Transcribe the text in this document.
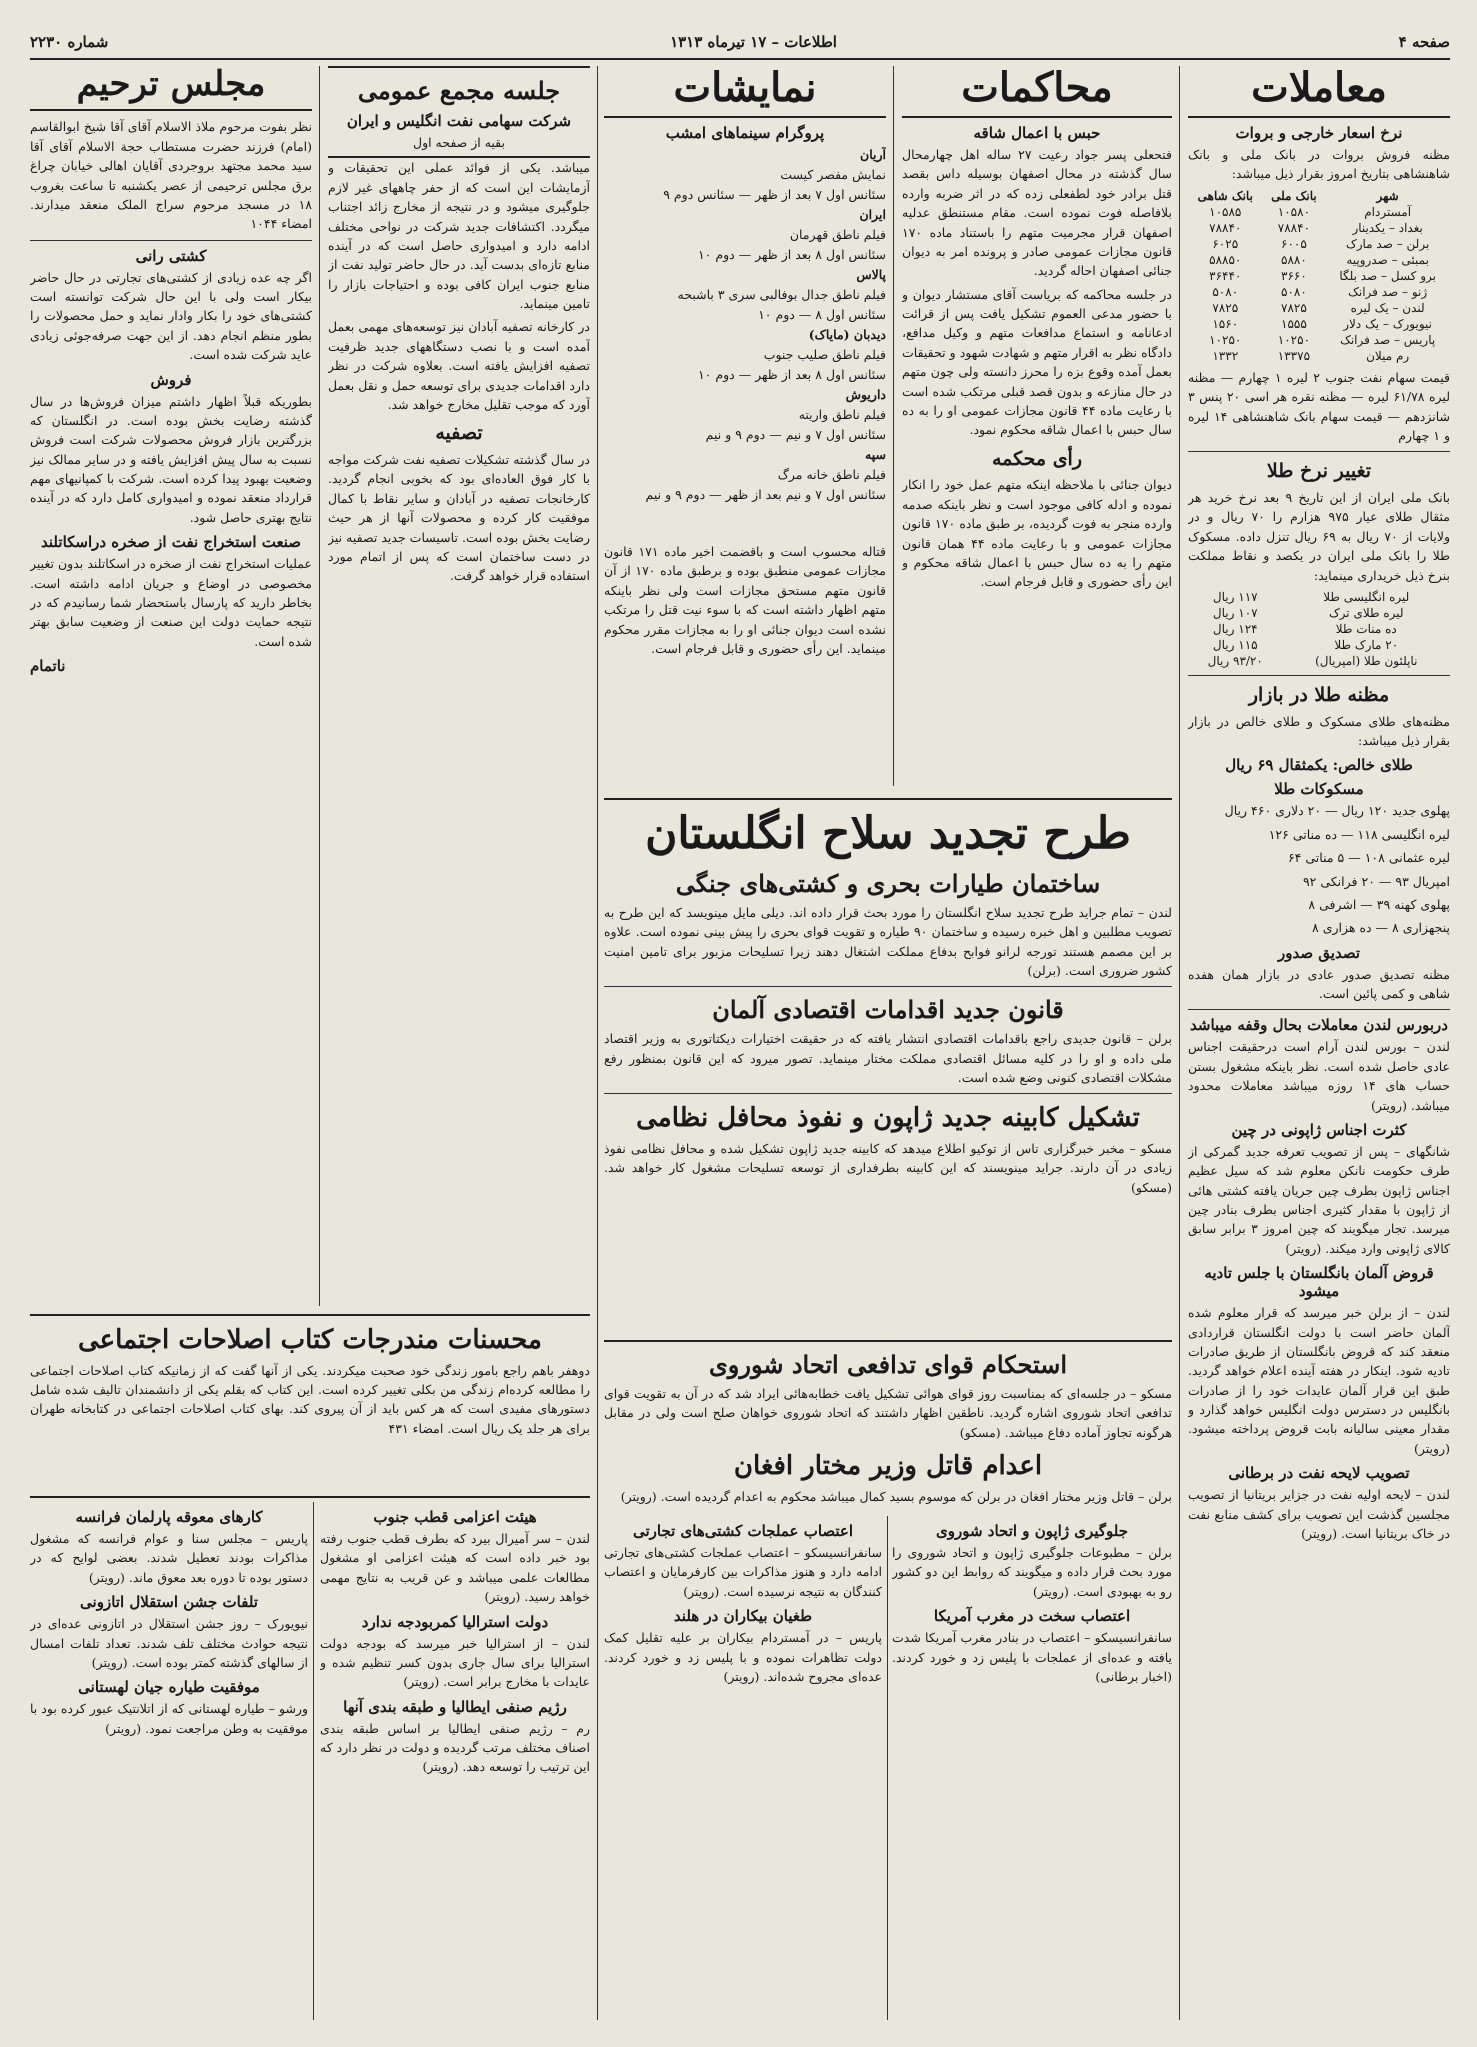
صفحه ۴
اطلاعات – ۱۷ تیرماه ۱۳۱۳
شماره ۲۲۳۰
معاملات
نرخ اسعار خارجی و بروات
مظنه فروش بروات در بانک ملی و بانک شاهنشاهی بتاریخ امروز بقرار ذیل میباشد:
شهر	بانک ملی	بانک شاهی
آمستردام	۱۰۵۸۰	۱۰۵۸۵
بغداد – یکدینار	۷۸۸۴۰	۷۸۸۴۰
برلن – صد مارک	۶۰۰۵	۶۰۲۵
بمبئی – صدروپیه	۵۸۸۰	۵۸۸۵۰
برو کسل – صد بلگا	۳۶۶۰	۳۶۴۴۰
ژنو – صد فرانک	۵۰۸۰	۵۰۸۰
لندن – یک لیره	۷۸۲۵	۷۸۲۵
نیویورک – یک دلار	۱۵۵۵	۱۵۶۰
پاریس – صد فرانک	۱۰۲۵۰	۱۰۲۵۰
رم میلان	۱۳۳۷۵	۱۳۳۲
قیمت سهام نفت جنوب ۲ لیره ۱ چهارم — مظنه لیره ۶۱/۷۸ لیره — مظنه نقره هر اسی ۲۰ پنس ۳ شانزدهم — قیمت سهام بانک شاهنشاهی ۱۴ لیره و ۱ چهارم
تغییر نرخ طلا
بانک ملی ایران از این تاریخ ۹ بعد نرخ خرید هر مثقال طلای عیار ۹۷۵ هزارم را ۷۰ ریال و در ولایات از ۷۰ ریال به ۶۹ ریال تنزل داده. مسکوک طلا را بانک ملی ایران در یکصد و نقاط مملکت بنرخ ذیل خریداری مینماید:
لیره انگلیسی طلا	۱۱۷ ریال
لیره طلای ترک	۱۰۷ ریال
ده منات طلا	۱۲۴ ریال
۲۰ مارک طلا	۱۱۵ ریال
ناپلئون طلا (امپریال)	۹۳/۲۰ ریال
مظنه طلا در بازار
مظنه‌های طلای مسکوک و طلای خالص در بازار بقرار ذیل میباشد:
طلای خالص: یکمثقال ۶۹ ریال
مسکوکات طلا
پهلوی جدید ۱۲۰ ریال — ۲۰ دلاری ۴۶۰ ریال
لیره انگلیسی ۱۱۸ — ده مناتی ۱۲۶
لیره عثمانی ۱۰۸ — ۵ مناتی ۶۴
امپریال ۹۳ — ۲۰ فرانکی ۹۲
پهلوی کهنه ۳۹ — اشرفی ۸
پنجهزاری ۸ — ده هزاری ۸
تصدیق صدور
مظنه تصدیق صدور عادی در بازار همان هفده شاهی و کمی پائین است.
دربورس لندن معاملات بحال وقفه میباشد
لندن – بورس لندن آرام است درحقیقت اجناس عادی حاصل شده است. نظر باینکه مشغول بستن حساب های ۱۴ روزه میباشد معاملات محدود میباشد. (رویتر)
کثرت اجناس ژاپونی در چین
شانگهای – پس از تصویب تعرفه جدید گمرکی از طرف حکومت نانکن معلوم شد که سیل عظیم اجناس ژاپون بطرف چین جریان یافته کشتی هائی از ژاپون با مقدار کثیری اجناس بطرف بنادر چین میرسد. تجار میگویند که چین امروز ۳ برابر سابق کالای ژاپونی وارد میکند. (رویتر)
قروض آلمان بانگلستان با جلس تادیه میشود
لندن – از برلن خبر میرسد که قرار معلوم شده آلمان حاضر است با دولت انگلستان قراردادی منعقد کند که قروض بانگلستان از طریق صادرات تادیه شود. اینکار در هفته آینده اعلام خواهد گردید. طبق این قرار آلمان عایدات خود را از صادرات بانگلیس در دسترس دولت انگلیس خواهد گذارد و مقدار معینی سالیانه بابت قروض پرداخته میشود. (رویتر)
تصویب لایحه نفت در برطانی
لندن – لایحه اولیه نفت در جزایر بریتانیا از تصویب مجلسین گذشت این تصویب برای کشف منابع نفت در خاک بریتانیا است. (رویتر)
محاکمات
حبس با اعمال شاقه
فتحعلی پسر جواد رعیت ۲۷ ساله اهل چهارمحال سال گذشته در محال اصفهان بوسیله داس بقصد قتل برادر خود لطفعلی زده که در اثر ضربه وارده بلافاصله فوت نموده است. مقام مستنطق عدلیه اصفهان قرار مجرمیت متهم را باستناد ماده ۱۷۰ قانون مجازات عمومی صادر و پرونده امر به دیوان جنائی اصفهان احاله گردید.
در جلسه محاکمه که بریاست آقای مستشار دیوان و با حضور مدعی العموم تشکیل یافت پس از قرائت ادعانامه و استماع مدافعات متهم و وکیل مدافع، دادگاه نظر به اقرار متهم و شهادت شهود و تحقیقات بعمل آمده وقوع بزه را محرز دانسته ولی چون متهم در حال منازعه و بدون قصد قبلی مرتکب شده است با رعایت ماده ۴۴ قانون مجازات عمومی او را به ده سال حبس با اعمال شاقه محکوم نمود.
رأی محکمه
دیوان جنائی با ملاحظه اینکه متهم عمل خود را انکار نموده و ادله کافی موجود است و نظر باینکه صدمه وارده منجر به فوت گردیده، بر طبق ماده ۱۷۰ قانون مجازات عمومی و با رعایت ماده ۴۴ همان قانون متهم را به ده سال حبس با اعمال شاقه محکوم و این رأی حضوری و قابل فرجام است.
نمایشات
پروگرام سینماهای امشب
آریان
نمایش مفصر کیست
سئانس اول ۷ بعد از ظهر — سئانس دوم ۹
ایران
فیلم ناطق قهرمان
سئانس اول ۸ بعد از ظهر — دوم ۱۰
پالاس
فیلم ناطق جدال بوفالبی سری ۳ باشبحه
سئانس اول ۸ — دوم ۱۰
دیدبان (مایاک)
فیلم ناطق صلیب جنوب
سئانس اول ۸ بعد از ظهر — دوم ۱۰
داریوش
فیلم ناطق واریته
سئانس اول ۷ و نیم — دوم ۹ و نیم
سپه
فیلم ناطق خانه مرگ
سئانس اول ۷ و نیم بعد از ظهر — دوم ۹ و نیم
قتاله محسوب است و باقضمت اخیر ماده ۱۷۱ قانون مجازات عمومی منطبق بوده و برطبق ماده ۱۷۰ از آن قانون متهم مستحق مجازات است ولی نظر باینکه متهم اظهار داشته است که با سوء نیت قتل را مرتکب نشده است دیوان جنائی او را به مجازات مقرر محکوم مینماید. این رأی حضوری و قابل فرجام است.
طرح تجدید سلاح انگلستان
ساختمان طیارات بحری و کشتی‌های جنگی
لندن – تمام جراید طرح تجدید سلاح انگلستان را مورد بحث قرار داده اند. دیلی مایل مینویسد که این طرح به تصویب مطلبین و اهل خبره رسیده و ساختمان ۹۰ طیاره و تقویت قوای بحری را پیش بینی نموده است. علاوه بر این مصمم هستند تورجه لرانو فوابح بدفاع مملکت اشتغال دهند زیرا تسلیحات مزبور برای تامین امنیت کشور ضروری است. (برلن)
قانون جدید اقدامات اقتصادی آلمان
برلن – قانون جدیدی راجع باقدامات اقتصادی انتشار یافته که در حقیقت اختیارات دیکتاتوری به وزیر اقتصاد ملی داده و او را در کلیه مسائل اقتصادی مملکت مختار مینماید. تصور میرود که این قانون بمنظور رفع مشکلات اقتصادی کنونی وضع شده است.
تشکیل کابینه جدید ژاپون و نفوذ محافل نظامی
مسکو – مخبر خبرگزاری تاس از توکیو اطلاع میدهد که کابینه جدید ژاپون تشکیل شده و محافل نظامی نفوذ زیادی در آن دارند. جراید مینویسند که این کابینه بطرفداری از توسعه تسلیحات مشغول کار خواهد شد. (مسکو)
استحکام قوای تدافعی اتحاد شوروی
مسکو – در جلسه‌ای که بمناسبت روز قوای هوائی تشکیل یافت خطابه‌هائی ایراد شد که در آن به تقویت قوای تدافعی اتحاد شوروی اشاره گردید. ناطقین اظهار داشتند که اتحاد شوروی خواهان صلح است ولی در مقابل هرگونه تجاوز آماده دفاع میباشد. (مسکو)
اعدام قاتل وزیر مختار افغان
برلن – قاتل وزیر مختار افغان در برلن که موسوم بسید کمال میباشد محکوم به اعدام گردیده است. (رویتر)
جلوگیری ژاپون و اتحاد شوروی
برلن – مطبوعات جلوگیری ژاپون و اتحاد شوروی را مورد بحث قرار داده و میگویند که روابط این دو کشور رو به بهبودی است. (رویتر)
اعتصاب سخت در مغرب آمریکا
سانفرانسیسکو – اعتصاب در بنادر مغرب آمریکا شدت یافته و عده‌ای از عملجات با پلیس زد و خورد کردند. (اخبار برطانی)
اعتصاب عملجات کشتی‌های تجارتی
سانفرانسیسکو – اعتصاب عملجات کشتی‌های تجارتی ادامه دارد و هنوز مذاکرات بین کارفرمایان و اعتصاب کنندگان به نتیجه نرسیده است. (رویتر)
طغیان بیکاران در هلند
پاریس – در آمستردام بیکاران بر علیه تقلیل کمک دولت تظاهرات نموده و با پلیس زد و خورد کردند. عده‌ای مجروح شده‌اند. (رویتر)
جلسه مجمع عمومی
شرکت سهامی نفت انگلیس و ایران
بقیه از صفحه اول
میباشد. یکی از فوائد عملی این تحقیقات و آزمایشات این است که از حفر چاههای غیر لازم جلوگیری میشود و در نتیجه از مخارج زائد اجتناب میگردد. اکتشافات جدید شرکت در نواحی مختلف ادامه دارد و امیدواری حاصل است که در آینده منابع تازه‌ای بدست آید. در حال حاضر تولید نفت از منابع جنوب ایران کافی بوده و احتیاجات بازار را تامین مینماید.
در کارخانه تصفیه آبادان نیز توسعه‌های مهمی بعمل آمده است و با نصب دستگاههای جدید ظرفیت تصفیه افزایش یافته است. بعلاوه شرکت در نظر دارد اقدامات جدیدی برای توسعه حمل و نقل بعمل آورد که موجب تقلیل مخارج خواهد شد.
تصفیه
در سال گذشته تشکیلات تصفیه نفت شرکت مواجه با کار فوق العاده‌ای بود که بخوبی انجام گردید. کارخانجات تصفیه در آبادان و سایر نقاط با کمال موفقیت کار کرده و محصولات آنها از هر حیث رضایت بخش بوده است. تاسیسات جدید تصفیه نیز در دست ساختمان است که پس از اتمام مورد استفاده قرار خواهد گرفت.
مجلس ترحیم
نظر بفوت مرحوم ملاذ الاسلام آقای آقا شیخ ابوالقاسم (امام) فرزند حضرت مستطاب حجة الاسلام آقای آقا سید محمد مجتهد بروجردی آقایان اهالی خیابان چراغ برق مجلس ترحیمی از عصر یکشنبه تا ساعت بغروب ۱۸ در مسجد مرحوم سراج الملک منعقد میدارند. امضاء ۱۰۴۴
کشتی رانی
اگر چه عده زیادی از کشتی‌های تجارتی در حال حاضر بیکار است ولی با این حال شرکت توانسته است کشتی‌های خود را بکار وادار نماید و حمل محصولات را بطور منظم انجام دهد. از این جهت صرفه‌جوئی زیادی عاید شرکت شده است.
فروش
بطوریکه قبلاً اظهار داشتم میزان فروش‌ها در سال گذشته رضایت بخش بوده است. در انگلستان که بزرگترین بازار فروش محصولات شرکت است فروش نسبت به سال پیش افزایش یافته و در سایر ممالک نیز وضعیت بهبود پیدا کرده است. شرکت با کمپانیهای مهم قرارداد منعقد نموده و امیدواری کامل دارد که در آینده نتایج بهتری حاصل شود.
صنعت استخراج نفت از صخره دراسکاتلند
عملیات استخراج نفت از صخره در اسکاتلند بدون تغییر مخصوصی در اوضاع و جریان ادامه داشته است. بخاطر دارید که پارسال باستحضار شما رسانیدم که در نتیجه حمایت دولت این صنعت از وضعیت سابق بهتر شده است.
ناتمام
محسنات مندرجات کتاب اصلاحات اجتماعی
دوهفر باهم راجع بامور زندگی خود صحبت میکردند. یکی از آنها گفت که از زمانیکه کتاب اصلاحات اجتماعی را مطالعه کرده‌ام زندگی من بکلی تغییر کرده است. این کتاب که بقلم یکی از دانشمندان تالیف شده شامل دستورهای مفیدی است که هر کس باید از آن پیروی کند. بهای کتاب اصلاحات اجتماعی در کتابخانه طهران برای هر جلد یک ریال است. امضاء ۴۳۱
هیئت اعزامی قطب جنوب
لندن – سر آمیرال بیرد که بطرف قطب جنوب رفته بود خبر داده است که هیئت اعزامی او مشغول مطالعات علمی میباشد و عن قریب به نتایج مهمی خواهد رسید. (رویتر)
دولت استرالیا کمربودجه ندارد
لندن – از استرالیا خبر میرسد که بودجه دولت استرالیا برای سال جاری بدون کسر تنظیم شده و عایدات با مخارج برابر است. (رویتر)
رژیم صنفی ایطالیا و طبقه بندی آنها
رم – رژیم صنفی ایطالیا بر اساس طبقه بندی اصناف مختلف مرتب گردیده و دولت در نظر دارد که این ترتیب را توسعه دهد. (رویتر)
کارهای معوقه پارلمان فرانسه
پاریس – مجلس سنا و عوام فرانسه که مشغول مذاکرات بودند تعطیل شدند. بعضی لوایح که در دستور بوده تا دوره بعد معوق ماند. (رویتر)
تلفات جشن استقلال اتازونی
نیویورک – روز جشن استقلال در اتازونی عده‌ای در نتیجه حوادث مختلف تلف شدند. تعداد تلفات امسال از سالهای گذشته کمتر بوده است. (رویتر)
موفقیت طیاره جیان لهستانی
ورشو – طیاره لهستانی که از اتلانتیک عبور کرده بود با موفقیت به وطن مراجعت نمود. (رویتر)
